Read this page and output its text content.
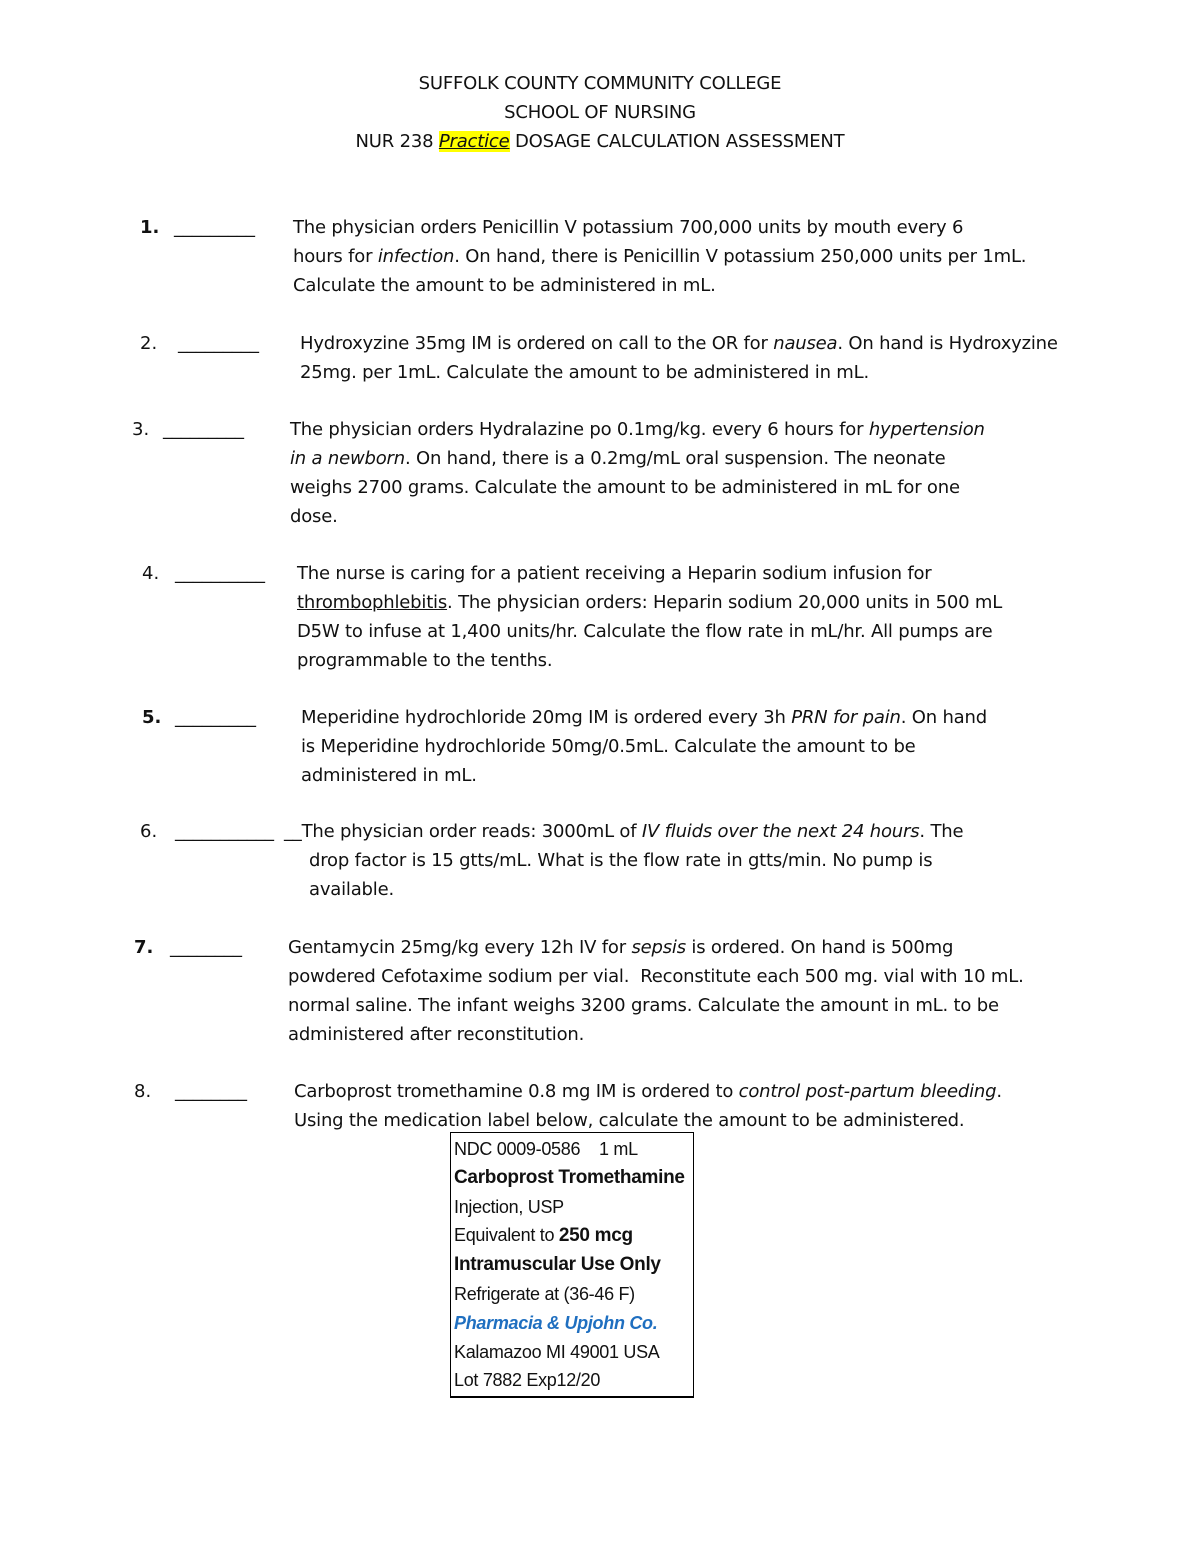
SUFFOLK COUNTY COMMUNITY COLLEGE
SCHOOL OF NURSING
NUR 238 Practice DOSAGE CALCULATION ASSESSMENT
1. _________ The physician orders Penicillin V potassium 700,000 units by mouth every 6
hours for infection. On hand, there is Penicillin V potassium 250,000 units per 1mL.
Calculate the amount to be administered in mL.
2. _________ Hydroxyzine 35mg IM is ordered on call to the OR for nausea. On hand is Hydroxyzine
25mg. per 1mL. Calculate the amount to be administered in mL.
3. _________	The physician orders Hydralazine po 0.1mg/kg. every 6 hours for hypertension
in a newborn. On hand, there is a 0.2mg/mL oral suspension. The neonate
weighs 2700 grams. Calculate the amount to be administered in mL for one
dose.
4. __________ The nurse is caring for a patient receiving a Heparin sodium infusion for
thrombophlebitis. The physician orders: Heparin sodium 20,000 units in 500 mL
D5W to infuse at 1,400 units/hr. Calculate the flow rate in mL/hr. All pumps are
programmable to the tenths.
5. _________	Meperidine hydrochloride 20mg IM is ordered every 3h PRN for pain. On hand
is Meperidine hydrochloride 50mg/0.5mL. Calculate the amount to be
administered in mL.
6. ___________ __The physician order reads: 3000mL of IV fluids over the next 24 hours. The
drop factor is 15 gtts/mL. What is the flow rate in gtts/min. No pump is
available.
7. ________	Gentamycin 25mg/kg every 12h IV for sepsis is ordered. On hand is 500mg
powdered Cefotaxime sodium per vial.  Reconstitute each 500 mg. vial with 10 mL.
normal saline. The infant weighs 3200 grams. Calculate the amount in mL. to be
administered after reconstitution.
8. ________	Carboprost tromethamine 0.8 mg IM is ordered to control post-partum bleeding.
Using the medication label below, calculate the amount to be administered.
NDC 0009-0586    1 mL
Carboprost Tromethamine
Injection, USP
Equivalent to 250 mcg
Intramuscular Use Only
Refrigerate at (36-46 F)
Pharmacia & Upjohn Co.
Kalamazoo MI 49001 USA
Lot 7882 Exp12/20
